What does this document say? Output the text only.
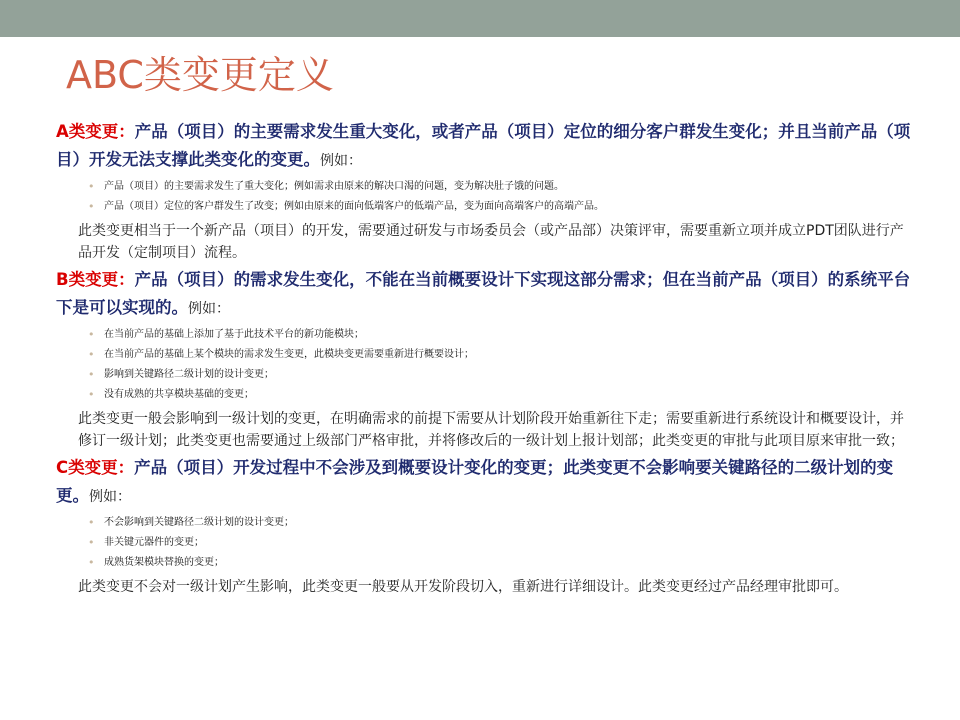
ABC类变更定义

A类变更：产品（项目）的主要需求发生重大变化，或者产品（项目）定位的细分客户群发生变化；并且当前产品（项目）开发无法支撑此类变化的变更。例如：

• 产品（项目）的主要需求发生了重大变化；例如需求由原来的解决口渴的问题，变为解决肚子饿的问题。
• 产品（项目）定位的客户群发生了改变；例如由原来的面向低端客户的低端产品，变为面向高端客户的高端产品。

此类变更相当于一个新产品（项目）的开发，需要通过研发与市场委员会（或产品部）决策评审，需要重新立项并成立PDT团队进行产品开发（定制项目）流程。

B类变更：产品（项目）的需求发生变化，不能在当前概要设计下实现这部分需求；但在当前产品（项目）的系统平台下是可以实现的。例如：

• 在当前产品的基础上添加了基于此技术平台的新功能模块；
• 在当前产品的基础上某个模块的需求发生变更，此模块变更需要重新进行概要设计；
• 影响到关键路径二级计划的设计变更；
• 没有成熟的共享模块基础的变更；

此类变更一般会影响到一级计划的变更，在明确需求的前提下需要从计划阶段开始重新往下走；需要重新进行系统设计和概要设计，并修订一级计划；此类变更也需要通过上级部门严格审批，并将修改后的一级计划上报计划部；此类变更的审批与此项目原来审批一致；

C类变更：产品（项目）开发过程中不会涉及到概要设计变化的变更；此类变更不会影响要关键路径的二级计划的变更。例如：

• 不会影响到关键路径二级计划的设计变更；
• 非关键元器件的变更；
• 成熟货架模块替换的变更；

此类变更不会对一级计划产生影响，此类变更一般要从开发阶段切入，重新进行详细设计。此类变更经过产品经理审批即可。
